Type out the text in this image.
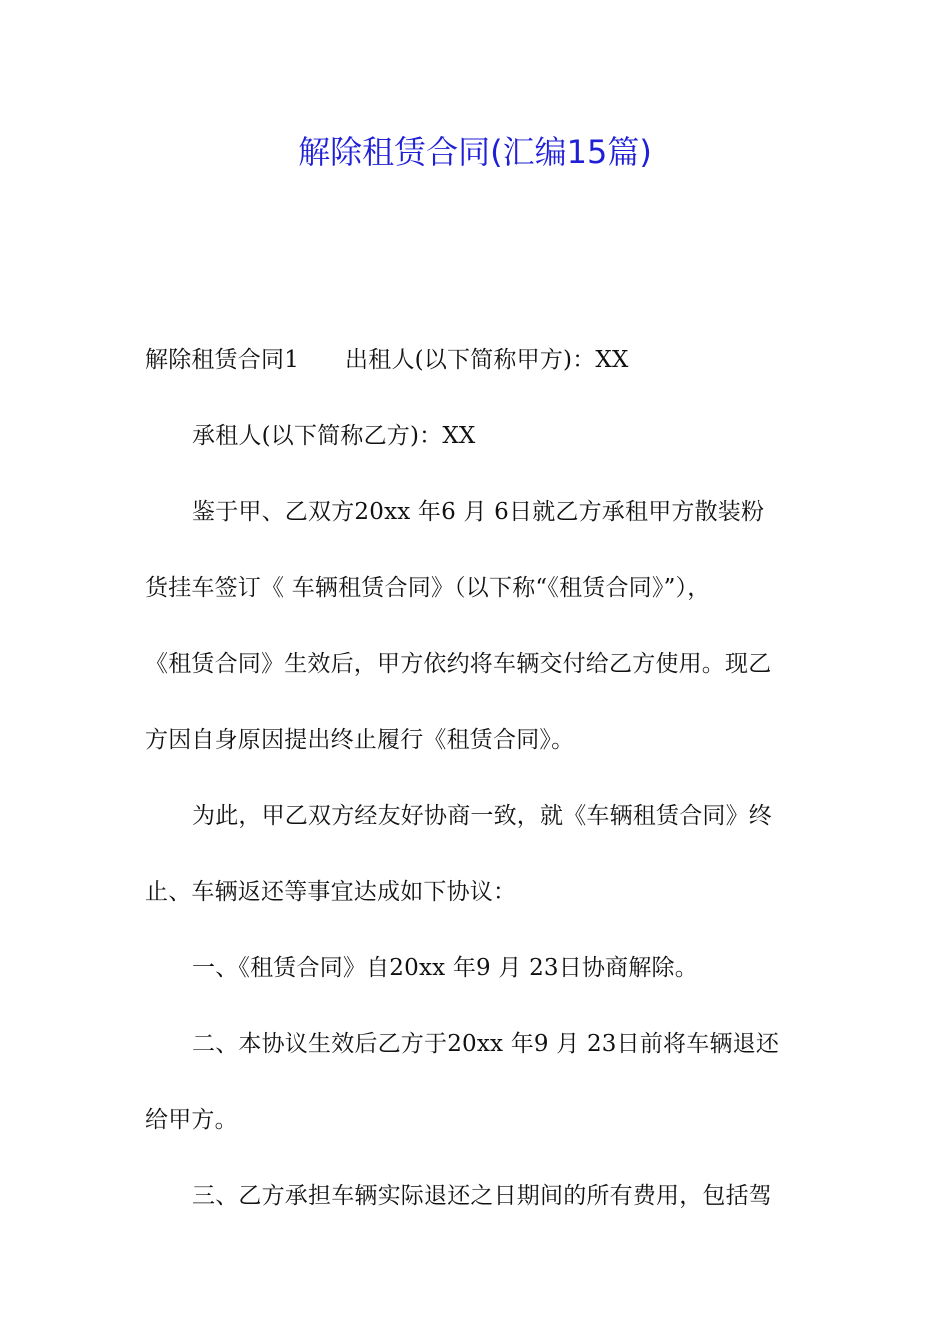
解除租赁合同(汇编15篇)
解除租赁合同1 出租人(以下简称甲方)：XX
承租人(以下简称乙方)：XX
鉴于甲、乙双方20xx 年6 月 6日就乙方承租甲方散装粉
货挂车签订《 车辆租赁合同》（以下称“《租赁合同》”），
《租赁合同》生效后，甲方依约将车辆交付给乙方使用。现乙
方因自身原因提出终止履行《租赁合同》。
为此，甲乙双方经友好协商一致，就《车辆租赁合同》终
止、车辆返还等事宜达成如下协议：
一、《租赁合同》自20xx 年9 月 23日协商解除。
二、本协议生效后乙方于20xx 年9 月 23日前将车辆退还
给甲方。
三、乙方承担车辆实际退还之日期间的所有费用，包括驾
